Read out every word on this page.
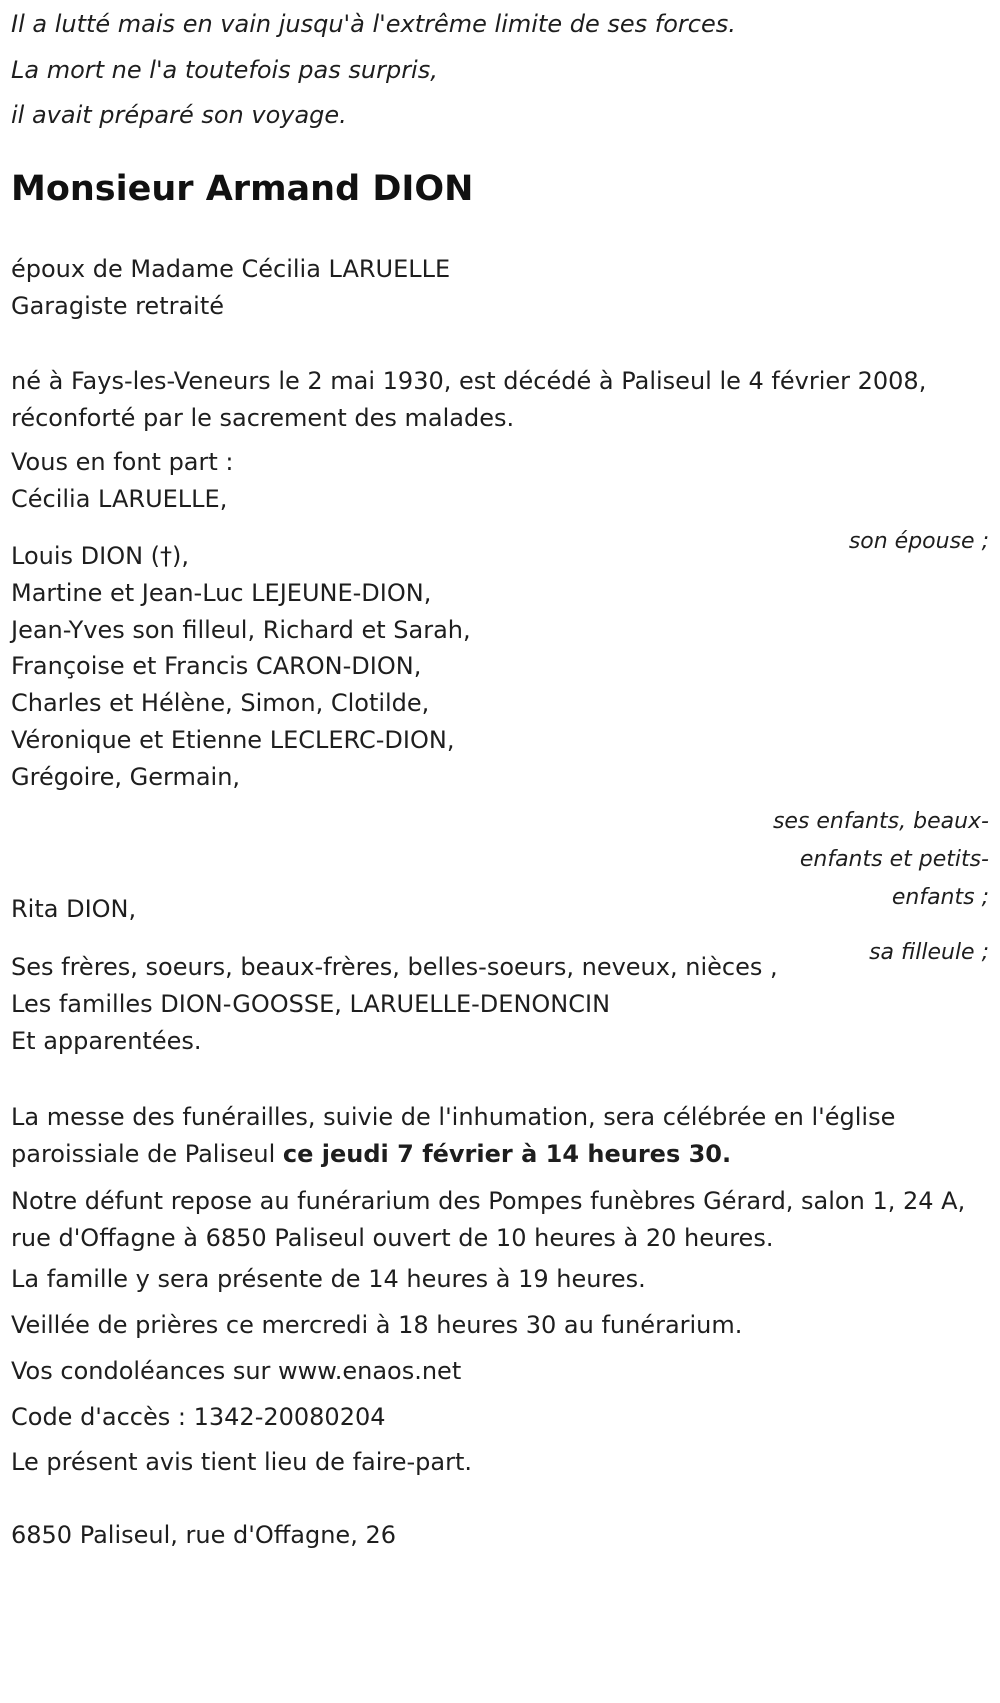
Il a lutté mais en vain jusqu'à l'extrême limite de ses forces.

La mort ne l'a toutefois pas surpris,

il avait préparé son voyage.

Monsieur Armand DION

époux de Madame Cécilia LARUELLE

Garagiste retraité

né à Fays-les-Veneurs le 2 mai 1930, est décédé à Paliseul le 4 février 2008, réconforté par le sacrement des malades.

Vous en font part :

Cécilia LARUELLE,

son épouse ;

Louis DION (†),

Martine et Jean-Luc LEJEUNE-DION,

Jean-Yves son filleul, Richard et Sarah,

Françoise et Francis CARON-DION,

Charles et Hélène, Simon, Clotilde,

Véronique et Etienne LECLERC-DION,

Grégoire, Germain,

ses enfants, beaux-enfants et petits-enfants ;

Rita DION,

sa filleule ;

Ses frères, soeurs, beaux-frères, belles-soeurs, neveux, nièces ,

Les familles DION-GOOSSE, LARUELLE-DENONCIN

Et apparentées.

La messe des funérailles, suivie de l'inhumation, sera célébrée en l'église paroissiale de Paliseul ce jeudi 7 février à 14 heures 30.

Notre défunt repose au funérarium des Pompes funèbres Gérard, salon 1, 24 A, rue d'Offagne à 6850 Paliseul ouvert de 10 heures à 20 heures.

La famille y sera présente de 14 heures à 19 heures.

Veillée de prières ce mercredi à 18 heures 30 au funérarium.

Vos condoléances sur www.enaos.net

Code d'accès : 1342-20080204

Le présent avis tient lieu de faire-part.

6850 Paliseul, rue d'Offagne, 26
